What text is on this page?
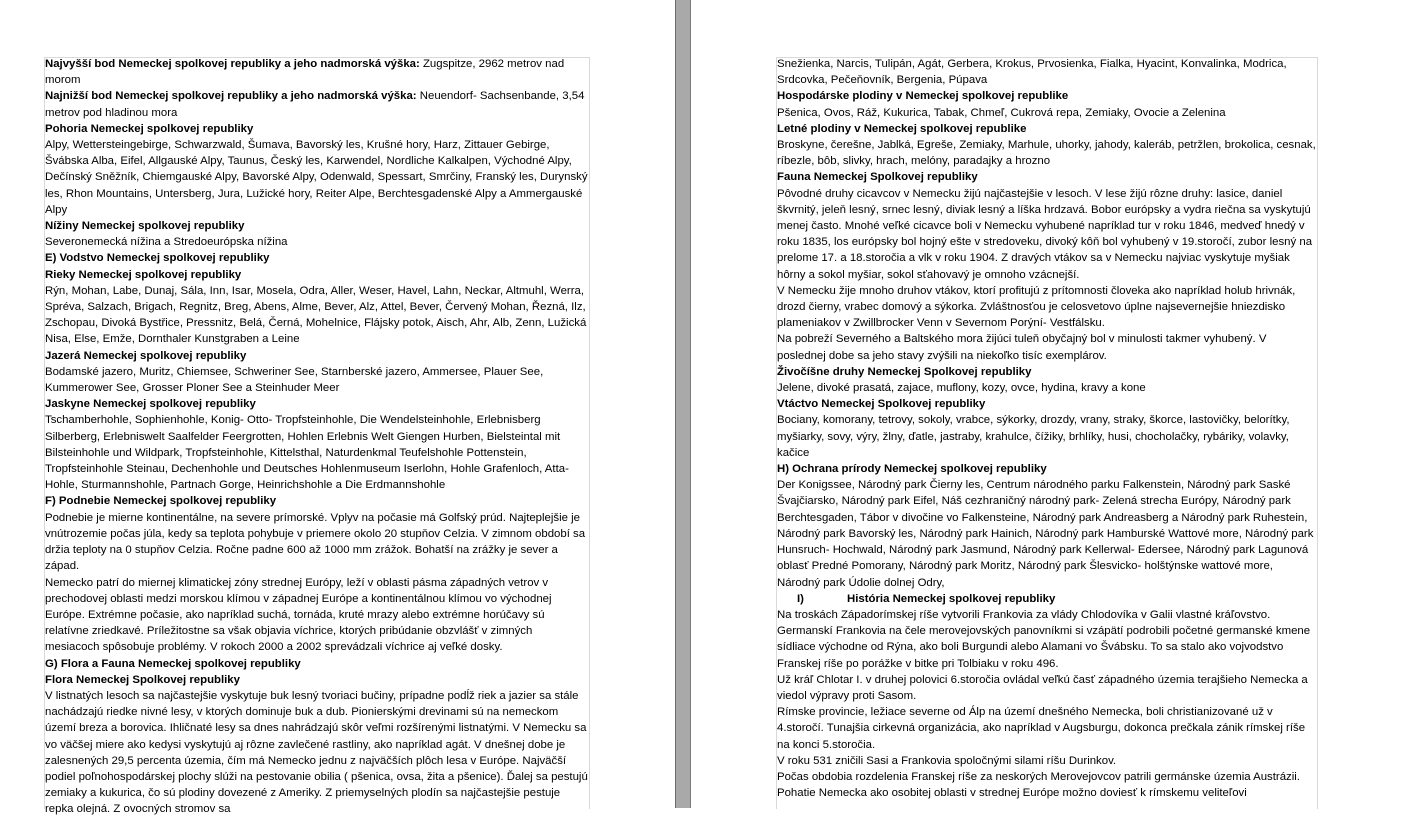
Najvyšší bod Nemeckej spolkovej republiky a jeho nadmorská výška: Zugspitze, 2962 metrov nad morom

Najnižší bod Nemeckej spolkovej republiky a jeho nadmorská výška: Neuendorf- Sachsenbande, 3,54 metrov pod hladinou mora

Pohoria Nemeckej spolkovej republiky

Alpy, Wettersteingebirge, Schwarzwald, Šumava, Bavorský les, Krušné hory, Harz, Zittauer Gebirge, Švábska Alba, Eifel, Allgauské Alpy, Taunus, Český les, Karwendel, Nordliche Kalkalpen, Východné Alpy, Dečínský Sněžník, Chiemgauské Alpy, Bavorské Alpy, Odenwald, Spessart, Smrčiny, Franský les, Durynský les, Rhon Mountains, Untersberg, Jura, Lužické hory, Reiter Alpe, Berchtesgadenské Alpy a Ammergauské Alpy

Nížiny Nemeckej spolkovej republiky

Severonemecká nížina a Stredoeurópska nížina

E) Vodstvo Nemeckej spolkovej republiky

Rieky Nemeckej spolkovej republiky

Rýn, Mohan, Labe, Dunaj, Sála, Inn, Isar, Mosela, Odra, Aller, Weser, Havel, Lahn, Neckar, Altmuhl, Werra, Spréva, Salzach, Brigach, Regnitz, Breg, Abens, Alme, Bever, Alz, Attel, Bever, Červený Mohan, Řezná, Ilz, Zschopau, Divoká Bystřice, Pressnitz, Belá, Černá, Mohelnice, Flájsky potok, Aisch, Ahr, Alb, Zenn, Lužická Nisa, Else, Emže, Dornthaler Kunstgraben a Leine

Jazerá Nemeckej spolkovej republiky

Bodamské jazero, Muritz, Chiemsee, Schweriner See, Starnberské jazero, Ammersee, Plauer See, Kummerower See, Grosser Ploner See a Steinhuder Meer

Jaskyne Nemeckej spolkovej republiky

Tschamberhohle, Sophienhohle, Konig- Otto- Tropfsteinhohle, Die Wendelsteinhohle, Erlebnisberg Silberberg, Erlebniswelt Saalfelder Feergrotten, Hohlen Erlebnis Welt Giengen Hurben, Bielsteintal mit Bilsteinhohle und Wildpark, Tropfsteinhohle, Kittelsthal, Naturdenkmal Teufelshohle Pottenstein, Tropfsteinhohle Steinau, Dechenhohle und Deutsches Hohlenmuseum Iserlohn, Hohle Grafenloch, Atta- Hohle, Sturmannshohle, Partnach Gorge, Heinrichshohle a Die Erdmannshohle

F) Podnebie Nemeckej spolkovej republiky

Podnebie je mierne kontinentálne, na severe prímorské. Vplyv na počasie má Golfský prúd. Najteplejšie je vnútrozemie počas júla, kedy sa teplota pohybuje v priemere okolo 20 stupňov Celzia. V zimnom období sa držia teploty na 0 stupňov Celzia. Ročne padne 600 až 1000 mm zrážok. Bohatší na zrážky je sever a západ.

Nemecko patrí do miernej klimatickej zóny strednej Európy, leží v oblasti pásma západných vetrov v prechodovej oblasti medzi morskou klímou v západnej Európe a kontinentálnou klímou vo východnej Európe. Extrémne počasie, ako napríklad suchá, tornáda, kruté mrazy alebo extrémne horúčavy sú relatívne zriedkavé. Príležitostne sa však objavia víchrice, ktorých pribúdanie obzvlášť v zimných mesiacoch spôsobuje problémy. V rokoch 2000 a 2002 sprevádzali víchrice aj veľké dosky.

G) Flora a Fauna Nemeckej spolkovej republiky

Flora Nemeckej Spolkovej republiky

V listnatých lesoch sa najčastejšie vyskytuje buk lesný tvoriaci bučiny, prípadne podĺž riek a jazier sa stále nachádzajú riedke nivné lesy, v ktorých dominuje buk a dub. Pionierskými drevinami sú na nemeckom území breza a borovica. Ihličnaté lesy sa dnes nahrádzajú skôr veľmi rozšírenými listnatými. V Nemecku sa vo väčšej miere ako kedysi vyskytujú aj rôzne zavlečené rastliny, ako napríklad agát. V dnešnej dobe je zalesnených 29,5 percenta územia, čím má Nemecko jednu z najväčších plôch lesa v Európe. Najväčší podiel poľnohospodárskej plochy slúži na pestovanie obilia ( pšenica, ovsa, žita a pšenice). Ďalej sa pestujú zemiaky a kukurica, čo sú plodiny dovezené z Ameriky. Z priemyselných plodín sa najčastejšie pestuje repka olejná. Z ovocných stromov sa

Snežienka, Narcis, Tulipán, Agát, Gerbera, Krokus, Prvosienka, Fialka, Hyacint, Konvalinka, Modrica, Srdcovka, Pečeňovník, Bergenia, Púpava

Hospodárske plodiny v Nemeckej spolkovej republike

Pšenica, Ovos, Ráž, Kukurica, Tabak, Chmeľ, Cukrová repa, Zemiaky, Ovocie a Zelenina

Letné plodiny v Nemeckej spolkovej republike

Broskyne, čerešne, Jablká, Egreše, Zemiaky, Marhule, uhorky, jahody, kaleráb, petržlen, brokolica, cesnak, ríbezle, bôb, slivky, hrach, melóny, paradajky a hrozno

Fauna Nemeckej Spolkovej republiky

Pôvodné druhy cicavcov v Nemecku žijú najčastejšie v lesoch. V lese žijú rôzne druhy: lasice, daniel škvrnitý, jeleň lesný, srnec lesný, diviak lesný a líška hrdzavá. Bobor európsky a vydra riečna sa vyskytujú menej často. Mnohé veľké cicavce boli v Nemecku vyhubené napríklad tur v roku 1846, medveď hnedý v roku 1835, los európsky bol hojný ešte v stredoveku, divoký kôň bol vyhubený v 19.storočí, zubor lesný na prelome 17. a 18.storočia a vlk v roku 1904. Z dravých vtákov sa v Nemecku najviac vyskytuje myšiak hôrny a sokol myšiar, sokol sťahovavý je omnoho vzácnejší.

V Nemecku žije mnoho druhov vtákov, ktorí profitujú z prítomnosti človeka ako napríklad holub hrivnák, drozd čierny, vrabec domový a sýkorka. Zvláštnosťou je celosvetovo úplne najsevernejšie hniezdisko plameniakov v Zwillbrocker Venn v Severnom Porýní- Vestfálsku.

Na pobreží Severného a Baltského mora žijúci tuleň obyčajný bol v minulosti takmer vyhubený. V poslednej dobe sa jeho stavy zvýšili na niekoľko tisíc exemplárov.

Živočíšne druhy Nemeckej Spolkovej republiky

Jelene, divoké prasatá, zajace, muflony, kozy, ovce, hydina, kravy a kone

Vtáctvo Nemeckej Spolkovej republiky

Bociany, komorany, tetrovy, sokoly, vrabce, sýkorky, drozdy, vrany, straky, škorce, lastovičky, belorítky, myšiarky, sovy, výry, žlny, ďatle, jastraby, krahulce, čížiky, brhlíky, husi, chocholačky, rybáriky, volavky, kačice

H) Ochrana prírody Nemeckej spolkovej republiky

Der Konigssee, Národný park Čierny les, Centrum národného parku Falkenstein, Národný park Saské Švajčiarsko, Národný park Eifel, Náš cezhraničný národný park- Zelená strecha Európy, Národný park Berchtesgaden, Tábor v divočine vo Falkensteine, Národný park Andreasberg a Národný park Ruhestein, Národný park Bavorský les, Národný park Hainich, Národný park Hamburské Wattové more, Národný park Hunsruch- Hochwald, Národný park Jasmund, Národný park Kellerwal- Edersee, Národný park Lagunová oblasť Predné Pomorany, Národný park Moritz, Národný park Šlesvicko- holštýnske wattové more, Národný park Údolie dolnej Odry,

I)	História Nemeckej spolkovej republiky

Na troskách Západorímskej ríše vytvorili Frankovia za vlády Chlodovíka v Galii vlastné kráľovstvo. Germanskí Frankovia na čele merovejovských panovníkmi si vzápätí podrobili početné germanské kmene sídliace východne od Rýna, ako boli Burgundi alebo Alamani vo Švábsku. To sa stalo ako vojvodstvo Franskej ríše po porážke v bitke pri Tolbiaku v roku 496.

Už kráľ Chlotar I. v druhej polovici 6.storočia ovládal veľkú časť západného územia terajšieho Nemecka a viedol výpravy proti Sasom.

Rímske provincie, ležiace severne od Álp na území dnešného Nemecka, boli christianizované už v 4.storočí. Tunajšia cirkevná organizácia, ako napríklad v Augsburgu, dokonca prečkala zánik rímskej ríše na konci 5.storočia.

V roku 531 zničili Sasi a Frankovia spoločnými silami ríšu Durinkov.

Počas obdobia rozdelenia Franskej ríše za neskorých Merovejovcov patrili germánske územia Austrázii.

Pohatie Nemecka ako osobitej oblasti v strednej Európe možno doviesť k rímskemu veliteľovi
